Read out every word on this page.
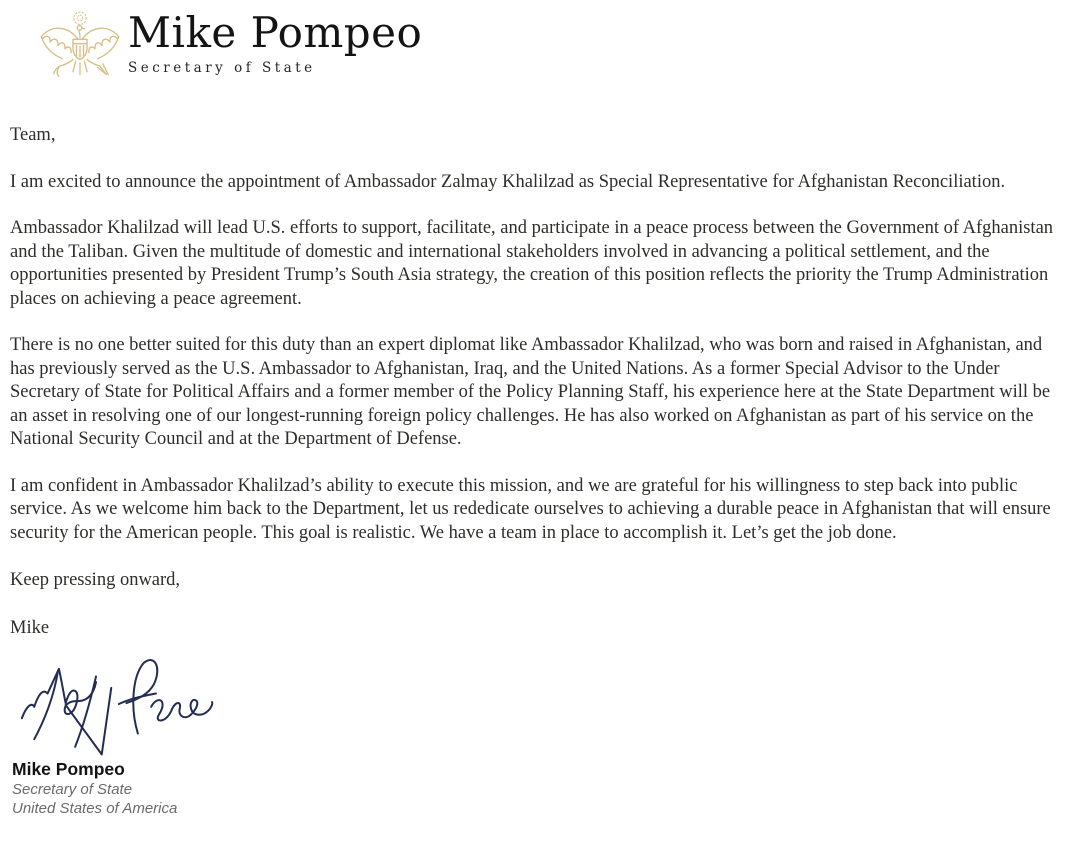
Mike Pompeo
Secretary of State

Team,

I am excited to announce the appointment of Ambassador Zalmay Khalilzad as Special Representative for Afghanistan Reconciliation.

Ambassador Khalilzad will lead U.S. efforts to support, facilitate, and participate in a peace process between the Government of Afghanistan and the Taliban. Given the multitude of domestic and international stakeholders involved in advancing a political settlement, and the opportunities presented by President Trump’s South Asia strategy, the creation of this position reflects the priority the Trump Administration places on achieving a peace agreement.

There is no one better suited for this duty than an expert diplomat like Ambassador Khalilzad, who was born and raised in Afghanistan, and has previously served as the U.S. Ambassador to Afghanistan, Iraq, and the United Nations. As a former Special Advisor to the Under Secretary of State for Political Affairs and a former member of the Policy Planning Staff, his experience here at the State Department will be an asset in resolving one of our longest-running foreign policy challenges. He has also worked on Afghanistan as part of his service on the National Security Council and at the Department of Defense.

I am confident in Ambassador Khalilzad’s ability to execute this mission, and we are grateful for his willingness to step back into public service. As we welcome him back to the Department, let us rededicate ourselves to achieving a durable peace in Afghanistan that will ensure security for the American people. This goal is realistic. We have a team in place to accomplish it. Let’s get the job done.

Keep pressing onward,

Mike

Mike Pompeo
Secretary of State
United States of America
